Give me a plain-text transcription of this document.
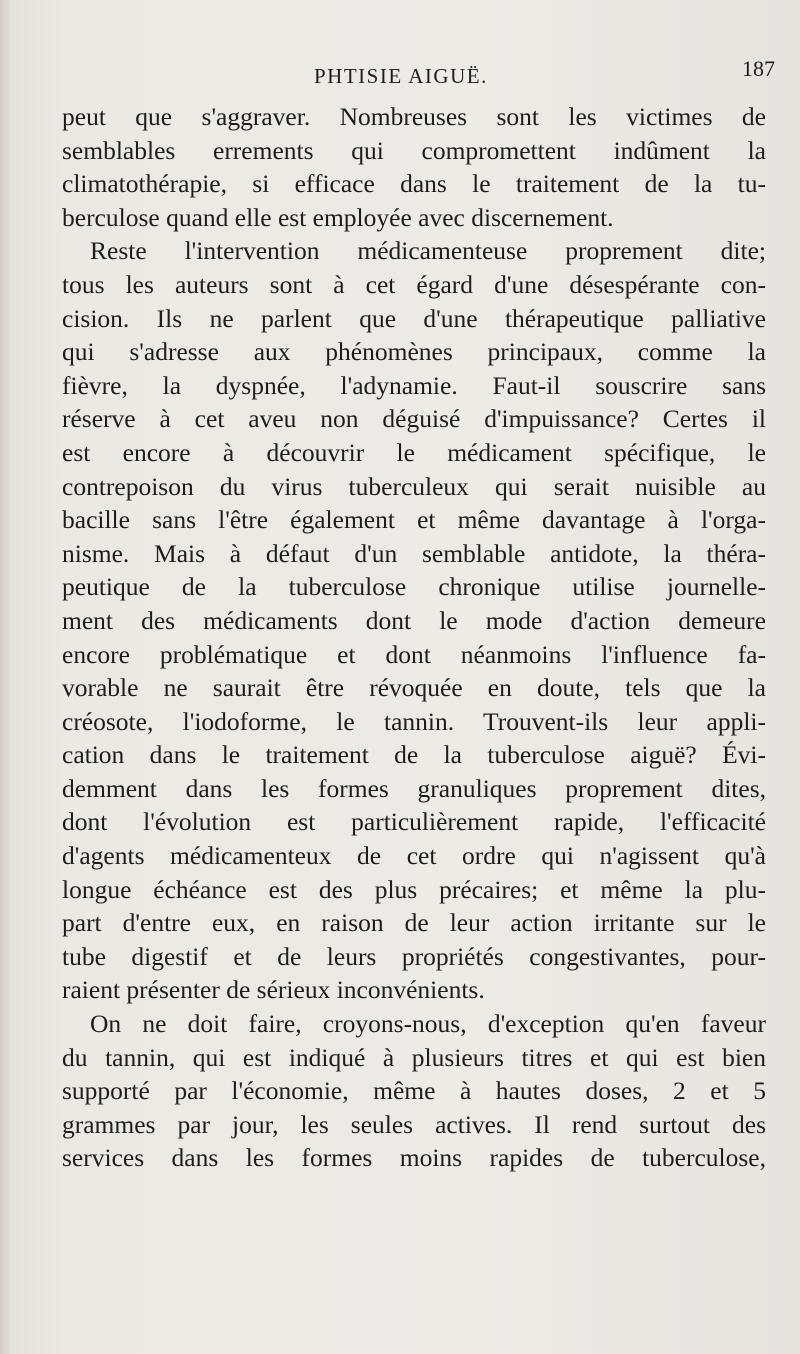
PHTISIE AIGUË.	187
peut que s'aggraver. Nombreuses sont les victimes de
semblables errements qui compromettent indûment la
climatothérapie, si efficace dans le traitement de la tu-
berculose quand elle est employée avec discernement.
Reste l'intervention médicamenteuse proprement dite;
tous les auteurs sont à cet égard d'une désespérante con-
cision. Ils ne parlent que d'une thérapeutique palliative
qui s'adresse aux phénomènes principaux, comme la
fièvre, la dyspnée, l'adynamie. Faut-il souscrire sans
réserve à cet aveu non déguisé d'impuissance? Certes il
est encore à découvrir le médicament spécifique, le
contrepoison du virus tuberculeux qui serait nuisible au
bacille sans l'être également et même davantage à l'orga-
nisme. Mais à défaut d'un semblable antidote, la théra-
peutique de la tuberculose chronique utilise journelle-
ment des médicaments dont le mode d'action demeure
encore problématique et dont néanmoins l'influence fa-
vorable ne saurait être révoquée en doute, tels que la
créosote, l'iodoforme, le tannin. Trouvent-ils leur appli-
cation dans le traitement de la tuberculose aiguë? Évi-
demment dans les formes granuliques proprement dites,
dont l'évolution est particulièrement rapide, l'efficacité
d'agents médicamenteux de cet ordre qui n'agissent qu'à
longue échéance est des plus précaires; et même la plu-
part d'entre eux, en raison de leur action irritante sur le
tube digestif et de leurs propriétés congestivantes, pour-
raient présenter de sérieux inconvénients.
On ne doit faire, croyons-nous, d'exception qu'en faveur
du tannin, qui est indiqué à plusieurs titres et qui est bien
supporté par l'économie, même à hautes doses, 2 et 5
grammes par jour, les seules actives. Il rend surtout des
services dans les formes moins rapides de tuberculose,
